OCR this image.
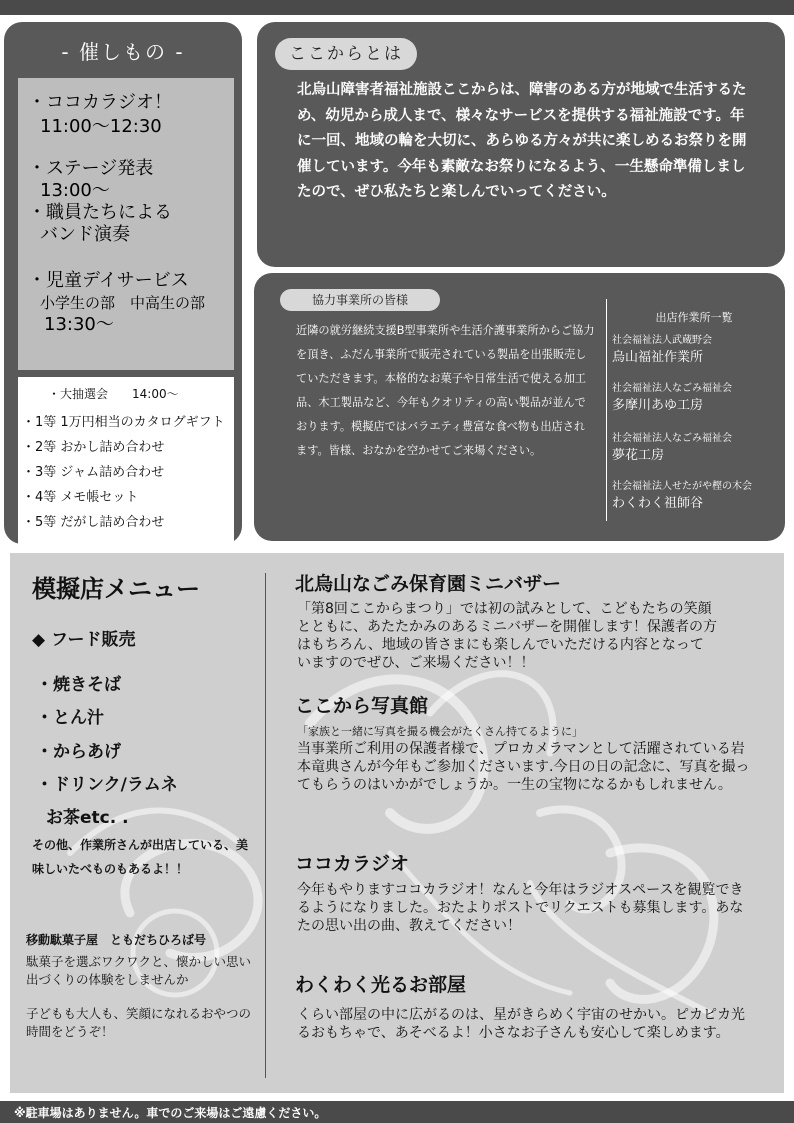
- 催しもの -
・ココカラジオ！
11:00〜12:30
・ステージ発表
13:00〜
・職員たちによる
バンド演奏
・児童デイサービス
小学生の部　中高生の部
13:30〜
・大抽選会　　14:00〜
・1等 1万円相当のカタログギフト
・2等 おかし詰め合わせ
・3等 ジャム詰め合わせ
・4等 メモ帳セット
・5等 だがし詰め合わせ
ここからとは

北烏山障害者福祉施設ここからは、障害のある方が地域で生活するため、幼児から成人まで、様々なサービスを提供する福祉施設です。年に一回、地域の輪を大切に、あらゆる方々が共に楽しめるお祭りを開催しています。今年も素敵なお祭りになるよう、一生懸命準備しましたので、ぜひ私たちと楽しんでいってください。

協力事業所の皆様

近隣の就労継続支援B型事業所や生活介護事業所からご協力を頂き、ふだん事業所で販売されている製品を出張販売していただきます。本格的なお菓子や日常生活で使える加工品、木工製品など、今年もクオリティの高い製品が並んでおります。模擬店ではバラエティ豊富な食べ物も出店されます。皆様、おなかを空かせてご来場ください。

出店作業所一覧
社会福祉法人武蔵野会
烏山福祉作業所
社会福祉法人なごみ福祉会
多摩川あゆ工房
社会福祉法人なごみ福祉会
夢花工房
社会福祉法人せたがや樫の木会
わくわく祖師谷
模擬店メニュー
◆ フード販売
・焼きそば
・とん汁
・からあげ
・ドリンク/ラムネ
お茶etc. .

その他、作業所さんが出店している、美味しいたべものもあるよ！！

移動駄菓子屋　ともだちひろば号

駄菓子を選ぶワクワクと、懐かしい思い出づくりの体験をしませんか

子どもも大人も、笑顔になれるおやつの時間をどうぞ！

北烏山なごみ保育園ミニバザー

「第8回ここからまつり」では初の試みとして、こどもたちの笑顔とともに、あたたかみのあるミニバザーを開催します！保護者の方はもちろん、地域の皆さまにも楽しんでいただける内容となっていますのでぜひ、ご来場ください！！

ここから写真館
「家族と一緒に写真を撮る機会がたくさん持てるように」

当事業所ご利用の保護者様で、プロカメラマンとして活躍されている岩本竜典さんが今年もご参加くださいます.今日の日の記念に、写真を撮ってもらうのはいかがでしょうか。一生の宝物になるかもしれません。

ココカラジオ

今年もやりますココカラジオ！なんと今年はラジオスペースを観覧できるようになりました。おたよりポストでリクエストも募集します。あなたの思い出の曲、教えてください！

わくわく光るお部屋

くらい部屋の中に広がるのは、星がきらめく宇宙のせかい。ピカピカ光るおもちゃで、あそべるよ！小さなお子さんも安心して楽しめます。

※駐車場はありません。車でのご来場はご遠慮ください。
